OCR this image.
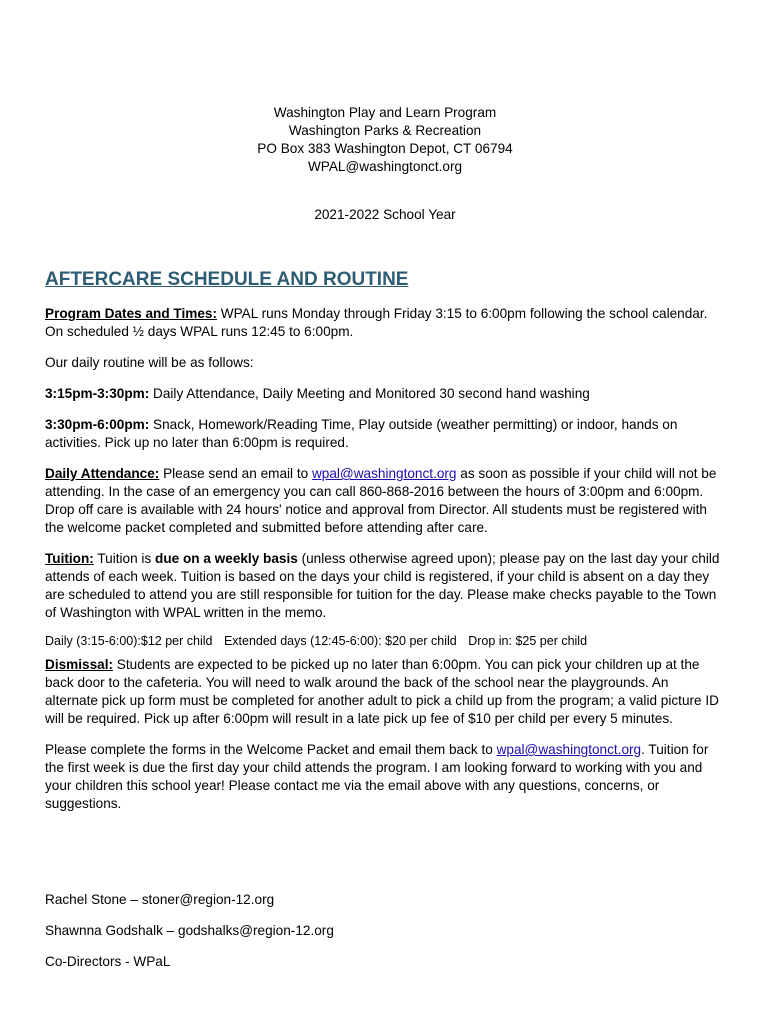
Washington Play and Learn Program
Washington Parks & Recreation
PO Box 383 Washington Depot, CT 06794
WPAL@washingtonct.org
2021-2022 School Year
AFTERCARE SCHEDULE AND ROUTINE

Program Dates and Times: WPAL runs Monday through Friday 3:15 to 6:00pm following the school calendar. On scheduled ½ days WPAL runs 12:45 to 6:00pm.

Our daily routine will be as follows:

3:15pm-3:30pm: Daily Attendance, Daily Meeting and Monitored 30 second hand washing

3:30pm-6:00pm: Snack, Homework/Reading Time, Play outside (weather permitting) or indoor, hands on activities. Pick up no later than 6:00pm is required.

Daily Attendance: Please send an email to wpal@washingtonct.org as soon as possible if your child will not be attending. In the case of an emergency you can call 860-868-2016 between the hours of 3:00pm and 6:00pm. Drop off care is available with 24 hours' notice and approval from Director. All students must be registered with the welcome packet completed and submitted before attending after care.

Tuition: Tuition is due on a weekly basis (unless otherwise agreed upon); please pay on the last day your child attends of each week. Tuition is based on the days your child is registered, if your child is absent on a day they are scheduled to attend you are still responsible for tuition for the day. Please make checks payable to the Town of Washington with WPAL written in the memo.

Daily (3:15-6:00):$12 per child Extended days (12:45-6:00): $20 per child Drop in: $25 per child

Dismissal: Students are expected to be picked up no later than 6:00pm. You can pick your children up at the back door to the cafeteria. You will need to walk around the back of the school near the playgrounds. An alternate pick up form must be completed for another adult to pick a child up from the program; a valid picture ID will be required. Pick up after 6:00pm will result in a late pick up fee of $10 per child per every 5 minutes.

Please complete the forms in the Welcome Packet and email them back to wpal@washingtonct.org. Tuition for the first week is due the first day your child attends the program. I am looking forward to working with you and your children this school year! Please contact me via the email above with any questions, concerns, or suggestions.

Rachel Stone – stoner@region-12.org
Shawnna Godshalk – godshalks@region-12.org
Co-Directors - WPaL
